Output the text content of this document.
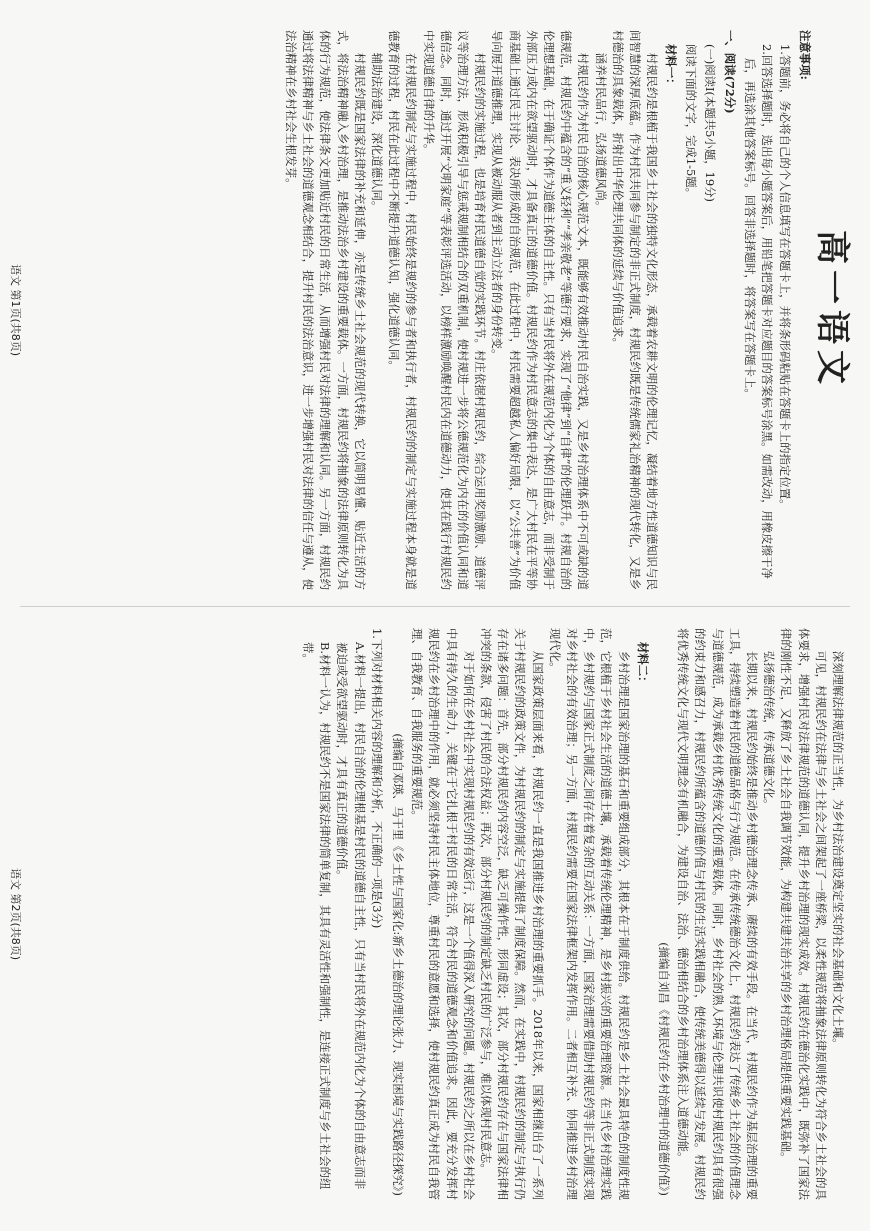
高一语文
注意事项:

1.答题前，务必将自己的个人信息填写在答题卡上，并将条形码粘贴在答题卡上的指定位置。

2.回答选择题时，选出每小题答案后，用铅笔把答题卡对应题目的答案标号涂黑。如需改动，用橡皮擦干净后，再选涂其他答案标号。回答非选择题时，将答案写在答题卡上。

一、阅读(72分)
(一)阅读Ⅰ(本题共5小题，19分)
阅读下面的文字，完成1-5题。
材料一：

村规民约是根植于我国乡土社会的独特文化形态，承载着农耕文明的伦理记忆，凝结着地方性道德知识与民间智慧的深厚底蕴。作为村民共同参与制定的非正式制度，村规民约既是传统儒家礼治精神的现代转化，又是乡村德治的具象载体，折射出中华伦理共同体的延续与价值追求。

涵养村民品行，弘扬道德风尚。

村规民约作为村民自治的核心规范文本，既能够有效推动村民自治实践，又是乡村治理体系中不可或缺的道德规范，村规民约中蕴含的“重义轻利”“孝亲敬老”等德行要求，实现了“他律”到“自律”的伦理跃升。村规自治的伦理想基础，在于确证个体作为道德主体的自主性。只有当村民将外在规范内化为个体的自由意志，而非受制于外部压力或内在欲望驱动时，才具备真正的道德价值。村规民约作为村民意志的集中表达，是广大村民在平等协商基础上通过民主讨论、表决所形成的自治规范，在此过程中，村民需要超越私人偏好局限，以“公共善”为价值导向展开道德推理，实现从被动服从者到主动立法者的身份转变。

村规民约的实施过程，也是培育村民道德自觉的实践环节。村庄依据村规民约，综合运用奖励激励、道德评议等治理方法，形成积极引导与惩戒规制相结合的双重机制，使村规进一步将公德规范化为内在的价值认同和道德信念。同时，通过开展“文明家庭”等表彰评选活动，以榜样激励唤醒村民内在道德动力，使其在践行村规民约中实现道德自律的升华。

在村规民约制定与实施过程中，村民始终是规约的参与者和执行者，村规民约的制定与实施过程本身就是道德教育的过程，村民在此过程中不断提升道德认知，强化道德认同。

辅助法治建设，深化道德认同。

村规民约既是国家法律的补充和延伸，亦是传统乡土社会规范的现代转换，它以简明易懂、贴近生活的方式，将法治精神融入乡村治理，是推动法治乡村建设的重要载体。一方面，村规民约将抽象的法律原则转化为具体的行为规范，使法律条文更加贴近村民的日常生活，从而增强村民对法律的理解和认同。另一方面，村规民约通过将法律精神与乡土社会的道德观念相结合，提升村民的法治意识，进一步增强村民对法律的信任与遵从，使法治精神在乡村社会生根发芽。

深刻理解法律规范的正当性，为乡村法治建设奠定坚实的社会基础和文化土壤。

可见，村规民约在法律与乡土社会之间架起了一座桥梁，以柔性规范将抽象法律原则转化为符合乡土社会的具体要求，增强村民对法律规范的道德认同，提升乡村治理的现实成效。村规民约在德治化实践中，既弥补了国家法律的刚性不足，又释放了乡土社会自我调节效能，为构建共建共治共享的乡村治理格局提供重要实践基础。

弘扬德治传统，传承道德文化。

长期以来，村规民约始终是推动乡村德治理念传承、赓续的有效手段。在当代，村规民约作为基层治理的重要工具，持续塑造着村民的道德品格与行为规范。在传承传统德治文化上，村规民约表达了传统乡土社会的价值理念与道德规范，成为承载乡村优秀传统文化的重要载体。同时，乡村社会的熟人环境与伦理共识使村规民约具有很强的约束力和感召力，村规民约所蕴含的道德价值与村民的生活实践相融合，使传统美德得以延续与发展。村规民约将优秀传统文化与现代文明理念有机融合，为建设自治、法治、德治相结合的乡村治理体系注入道德动能。

(摘编自刘昌《村规民约在乡村治理中的道德价值》)
材料二：

乡村治理是国家治理的基石和重要组成部分，其根本在于制度供给。村规民约是乡土社会最具特色的制度性规范，它根植于乡村社会生活的道德土壤，承载着传统伦理精神，是乡村振兴的重要治理资源。在当代乡村治理实践中，乡村规约与国家正式制度之间存在着复杂的互动关系：一方面，国家治理需要借助村规民约等非正式制度实现对乡村社会的有效治理；另一方面，村规民约需要在国家法律框架内发挥作用。二者相互补充、协同推进乡村治理现代化。

从国家政策层面来看，村规民约一直是我国推进乡村治理的重要抓手。2018年以来，国家相继出台了一系列关于村规民约的政策文件，为村规民约的制定与实施提供了制度保障。然而，在实践中，村规民约的制定与执行仍存在诸多问题：首先，部分村规民约内容空泛，缺乏可操作性，形同虚设；其次，部分村规民约存在与国家法律相冲突的条款，侵害了村民的合法权益；再次，部分村规民约的制定缺乏村民的广泛参与，难以体现村民意志。

对于如何在乡村社会中实现村规民约的有效运行，这是一个值得深入研究的问题。村规民约之所以在乡村社会中具有持久的生命力，关键在于它扎根于村民的日常生活，符合村民的道德观念和价值追求。因此，要充分发挥村规民约在乡村治理中的作用，就必须坚持村民主体地位，尊重村民的意愿和选择，使村规民约真正成为村民自我管理、自我教育、自我服务的重要规范。

(摘编自邓瑛、马干里《乡土性与国家化:新乡土德治的理论张力、现实困境与实践路径探究》)

1.下列对材料相关内容的理解和分析，不正确的一项是(3分)

A.材料一提出，村民自治的伦理根基是村民的道德自主性，只有当村民将外在规范内化为个体的自由意志而非被迫或受欲望驱动时，才具有真正的道德价值。

B.材料一认为，村规民约不是国家法律的简单复制，其具有灵活性和强制性，是连接正式制度与乡土社会的纽带。

语文 第1页(共8页)
语文 第2页(共8页)
